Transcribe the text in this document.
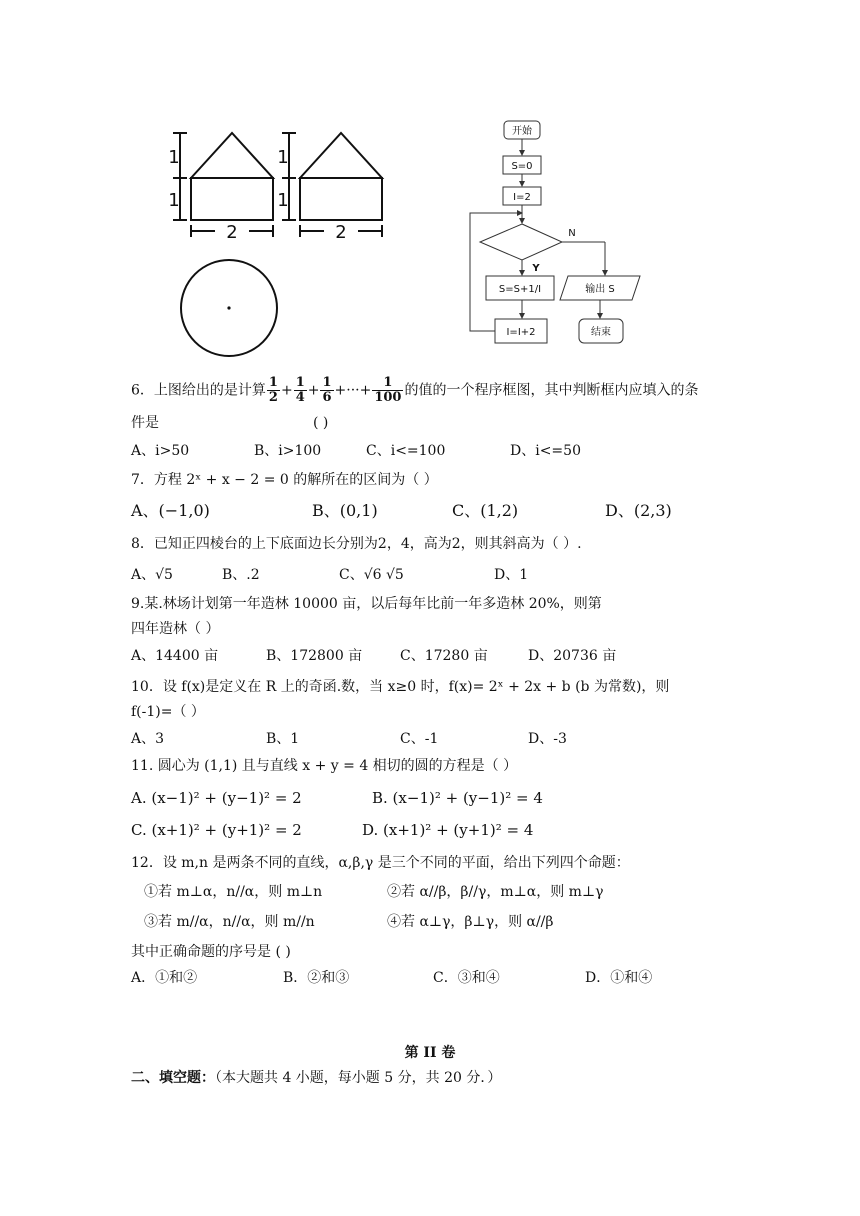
1
1
2
1
1
2
开始
S=0
I=2
N
Y
S=S+1/I	输出 S
I=I+2	结束
6．上图给出的是计算 $\frac{1}{2} + \frac{1}{4} + \frac{1}{6}$ +···+ $\frac{1}{100}$ 的值的一个程序框图，其中判断框内应填入的条
件是	( )
A、i>50	B、i>100	C、i<=100	D、i<=50
7．方程 2ˣ + x − 2 = 0 的解所在的区间为（ ）
A、(−1,0)	B、(0,1)	C、(1,2)	D、(2,3)
8．已知正四棱台的上下底面边长分别为2，4，高为2，则其斜高为（ ）.
A、√5	B、.2	C、√6 √5	D、1
9.某.林场计划第一年造林 10000 亩，以后每年比前一年多造林 20%，则第
四年造林（ ）
A、14400 亩	B、172800 亩	C、17280 亩	D、20736 亩
10．设 f(x)是定义在 R 上的奇函.数，当 x≥0 时，f(x)= 2ˣ + 2x + b (b 为常数)，则
f(-1)=（ ）
A、3	B、1	C、-1	D、-3
11. 圆心为 (1,1) 且与直线 x + y = 4 相切的圆的方程是（ ）
A. (x−1)² + (y−1)² = 2	B. (x−1)² + (y−1)² = 4
C. (x+1)² + (y+1)² = 2	D. (x+1)² + (y+1)² = 4
12．设 m,n 是两条不同的直线，α,β,γ 是三个不同的平面，给出下列四个命题：
①若 m⊥α，n//α，则 m⊥n	②若 α//β，β//γ，m⊥α，则 m⊥γ
③若 m//α，n//α，则 m//n	④若 α⊥γ，β⊥γ，则 α//β
其中正确命题的序号是 ( )
A．①和②	B．②和③	C．③和④	D．①和④
第 II 卷
二、填空题：（本大题共 4 小题，每小题 5 分，共 20 分．）
